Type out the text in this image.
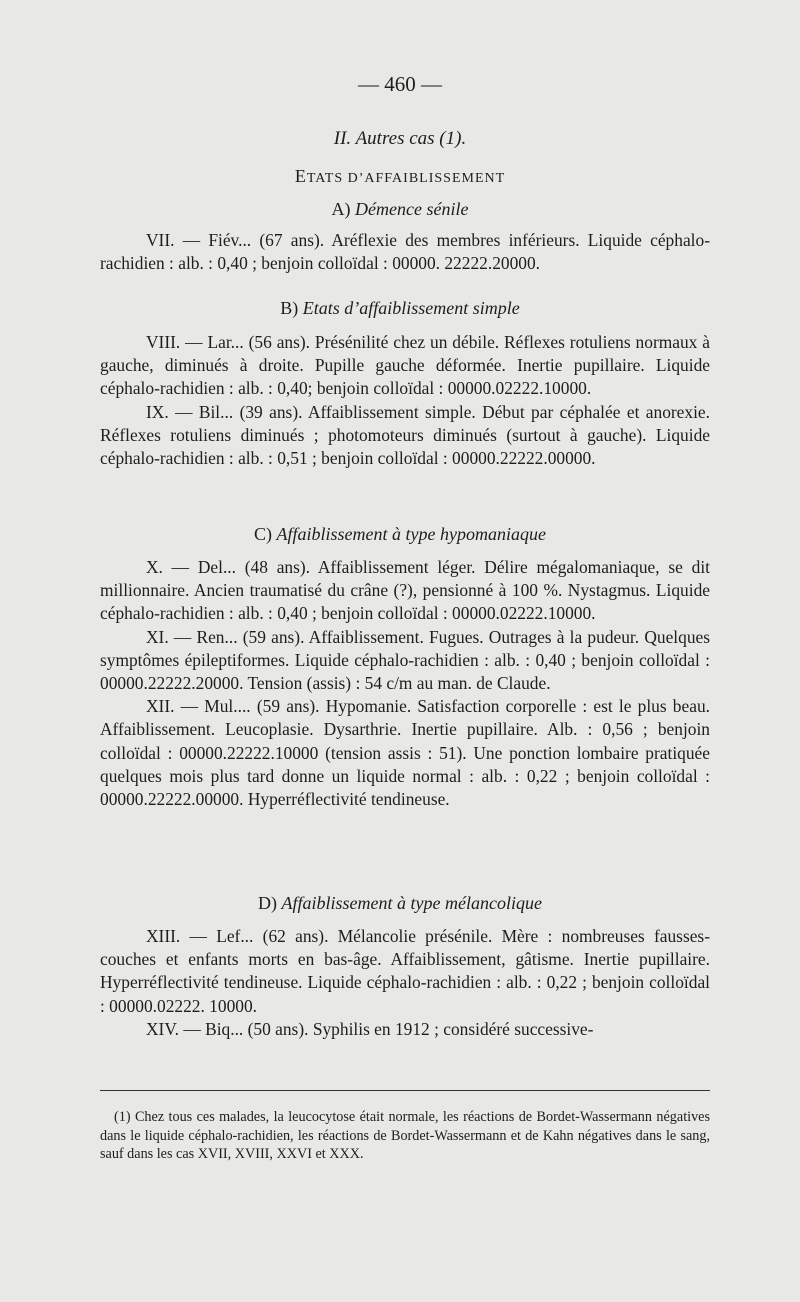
— 460 —
II. Autres cas (1).
ETATS D’AFFAIBLISSEMENT
A) Démence sénile

VII. — Fiév... (67 ans). Aréflexie des membres inférieurs. Liquide céphalo-rachidien : alb. : 0,40 ; benjoin colloïdal : 00000. 22222.20000.

B) Etats d’affaiblissement simple

VIII. — Lar... (56 ans). Présénilité chez un débile. Réflexes rotuliens normaux à gauche, diminués à droite. Pupille gauche déformée. Inertie pupillaire. Liquide céphalo-rachidien : alb. : 0,40; benjoin colloïdal : 00000.02222.10000.

IX. — Bil... (39 ans). Affaiblissement simple. Début par céphalée et anorexie. Réflexes rotuliens diminués ; photomoteurs diminués (surtout à gauche). Liquide céphalo-rachidien : alb. : 0,51 ; benjoin colloïdal : 00000.22222.00000.

C) Affaiblissement à type hypomaniaque

X. — Del... (48 ans). Affaiblissement léger. Délire mégalomaniaque, se dit millionnaire. Ancien traumatisé du crâne (?), pensionné à 100 %. Nystagmus. Liquide céphalo-rachidien : alb. : 0,40 ; benjoin colloïdal : 00000.02222.10000.

XI. — Ren... (59 ans). Affaiblissement. Fugues. Outrages à la pudeur. Quelques symptômes épileptiformes. Liquide céphalo-rachidien : alb. : 0,40 ; benjoin colloïdal : 00000.22222.20000. Tension (assis) : 54 c/m au man. de Claude.

XII. — Mul.... (59 ans). Hypomanie. Satisfaction corporelle : est le plus beau. Affaiblissement. Leucoplasie. Dysarthrie. Inertie pupillaire. Alb. : 0,56 ; benjoin colloïdal : 00000.22222.10000 (tension assis : 51). Une ponction lombaire pratiquée quelques mois plus tard donne un liquide normal : alb. : 0,22 ; benjoin colloïdal : 00000.22222.00000. Hyperréflectivité tendineuse.

D) Affaiblissement à type mélancolique

XIII. — Lef... (62 ans). Mélancolie présénile. Mère : nombreuses fausses-couches et enfants morts en bas-âge. Affaiblissement, gâtisme. Inertie pupillaire. Hyperréflectivité tendineuse. Liquide céphalo-rachidien : alb. : 0,22 ; benjoin colloïdal : 00000.02222. 10000.

XIV. — Biq... (50 ans). Syphilis en 1912 ; considéré successive-

(1) Chez tous ces malades, la leucocytose était normale, les réactions de Bordet-Wassermann négatives dans le liquide céphalo-rachidien, les réactions de Bordet-Wassermann et de Kahn négatives dans le sang, sauf dans les cas XVII, XVIII, XXVI et XXX.
